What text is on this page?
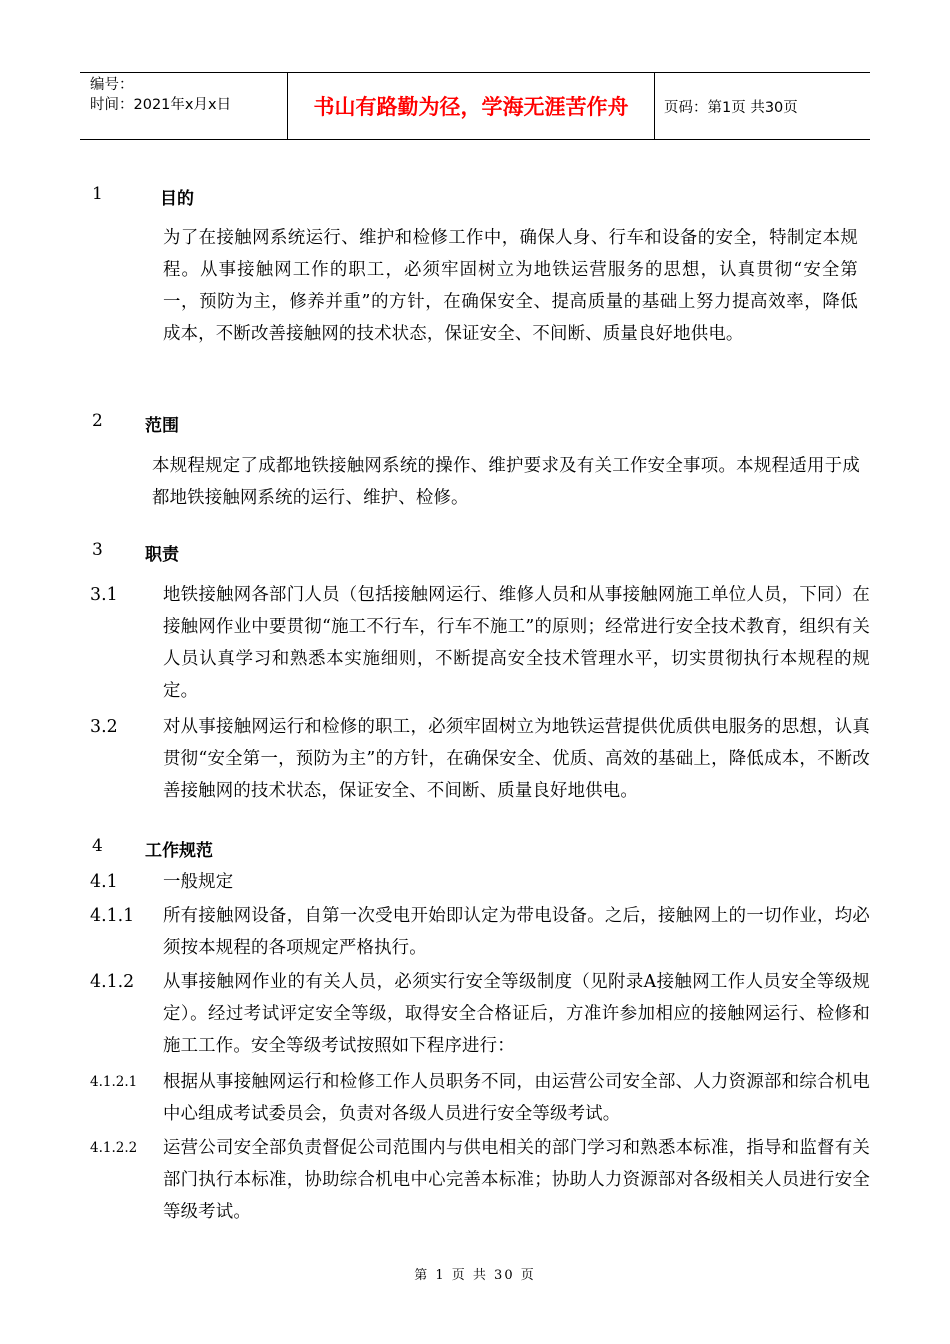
编号：
时间：2021年x月x日	书山有路勤为径，学海无涯苦作舟	页码：第1页 共30页
1	目的
为了在接触网系统运行、维护和检修工作中，确保人身、行车和设备的安全，特制定本规程。从事接触网工作的职工，必须牢固树立为地铁运营服务的思想，认真贯彻“安全第一，预防为主，修养并重”的方针，在确保安全、提高质量的基础上努力提高效率，降低成本，不断改善接触网的技术状态，保证安全、不间断、质量良好地供电。
2 范围
本规程规定了成都地铁接触网系统的操作、维护要求及有关工作安全事项。本规程适用于成都地铁接触网系统的运行、维护、检修。
3 职责
3.1	地铁接触网各部门人员（包括接触网运行、维修人员和从事接触网施工单位人员，下同）在接触网作业中要贯彻“施工不行车，行车不施工”的原则；经常进行安全技术教育，组织有关人员认真学习和熟悉本实施细则，不断提高安全技术管理水平，切实贯彻执行本规程的规定。
3.2	对从事接触网运行和检修的职工，必须牢固树立为地铁运营提供优质供电服务的思想，认真贯彻“安全第一，预防为主”的方针，在确保安全、优质、高效的基础上，降低成本，不断改善接触网的技术状态，保证安全、不间断、质量良好地供电。
4 工作规范
4.1	一般规定
4.1.1 所有接触网设备，自第一次受电开始即认定为带电设备。之后，接触网上的一切作业，均必须按本规程的各项规定严格执行。
4.1.2 从事接触网作业的有关人员，必须实行安全等级制度（见附录A接触网工作人员安全等级规定）。经过考试评定安全等级，取得安全合格证后，方准许参加相应的接触网运行、检修和施工工作。安全等级考试按照如下程序进行：
4.1.2.1 根据从事接触网运行和检修工作人员职务不同，由运营公司安全部、人力资源部和综合机电中心组成考试委员会，负责对各级人员进行安全等级考试。
4.1.2.2 运营公司安全部负责督促公司范围内与供电相关的部门学习和熟悉本标准，指导和监督有关部门执行本标准，协助综合机电中心完善本标准；协助人力资源部对各级相关人员进行安全等级考试。
第 1 页 共 30 页
